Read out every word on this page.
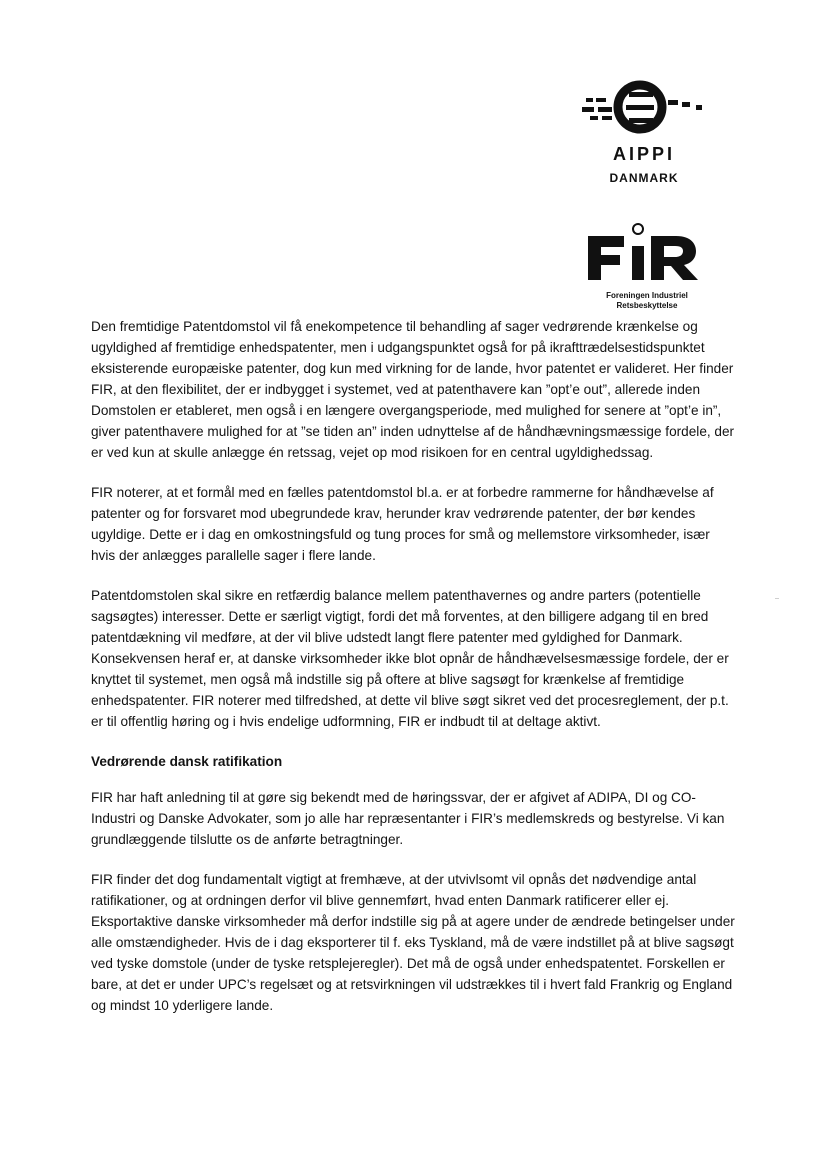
AIPPI
DANMARK
Foreningen Industriel
Retsbeskyttelse

Den fremtidige Patentdomstol vil få enekompetence til behandling af sager vedrørende krænkelse og ugyldighed af fremtidige enhedspatenter, men i udgangspunktet også for på ikrafttrædelsestidspunktet eksisterende europæiske patenter, dog kun med virkning for de lande, hvor patentet er valideret. Her finder FIR, at den flexibilitet, der er indbygget i systemet, ved at patenthavere kan ”opt’e out”, allerede inden Domstolen er etableret, men også i en længere overgangsperiode, med mulighed for senere at ”opt’e in”, giver patenthavere mulighed for at ”se tiden an” inden udnyttelse af de håndhævningsmæssige fordele, der er ved kun at skulle anlægge én retssag, vejet op mod risikoen for en central ugyldighedssag.

FIR noterer, at et formål med en fælles patentdomstol bl.a. er at forbedre rammerne for håndhævelse af patenter og for forsvaret mod ubegrundede krav, herunder krav vedrørende patenter, der bør kendes ugyldige. Dette er i dag en omkostningsfuld og tung proces for små og mellemstore virksomheder, især hvis der anlægges parallelle sager i flere lande.

Patentdomstolen skal sikre en retfærdig balance mellem patenthavernes og andre parters (potentielle sagsøgtes) interesser. Dette er særligt vigtigt, fordi det må forventes, at den billigere adgang til en bred patentdækning vil medføre, at der vil blive udstedt langt flere patenter med gyldighed for Danmark. Konsekvensen heraf er, at danske virksomheder ikke blot opnår de håndhævelsesmæssige fordele, der er knyttet til systemet, men også må indstille sig på oftere at blive sagsøgt for krænkelse af fremtidige enhedspatenter. FIR noterer med tilfredshed, at dette vil blive søgt sikret ved det procesreglement, der p.t. er til offentlig høring og i hvis endelige udformning, FIR er indbudt til at deltage aktivt.

Vedrørende dansk ratifikation

FIR har haft anledning til at gøre sig bekendt med de høringssvar, der er afgivet af ADIPA, DI og CO-Industri og Danske Advokater, som jo alle har repræsentanter i FIR’s medlemskreds og bestyrelse. Vi kan grundlæggende tilslutte os de anførte betragtninger.

FIR finder det dog fundamentalt vigtigt at fremhæve, at der utvivlsomt vil opnås det nødvendige antal ratifikationer, og at ordningen derfor vil blive gennemført, hvad enten Danmark ratificerer eller ej. Eksportaktive danske virksomheder må derfor indstille sig på at agere under de ændrede betingelser under alle omstændigheder. Hvis de i dag eksporterer til f. eks Tyskland, må de være indstillet på at blive sagsøgt ved tyske domstole (under de tyske retsplejeregler). Det må de også under enhedspatentet. Forskellen er bare, at det er under UPC’s regelsæt og at retsvirkningen vil udstrækkes til i hvert fald Frankrig og England og mindst 10 yderligere lande.
